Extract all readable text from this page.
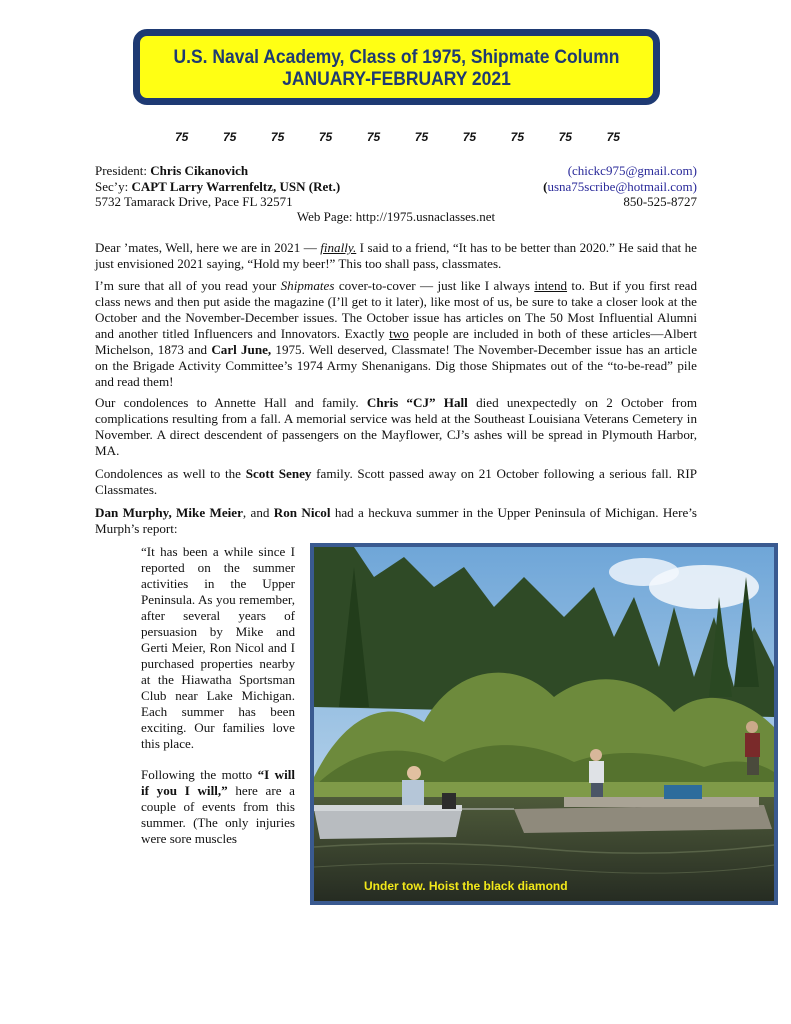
U.S. Naval Academy, Class of 1975, Shipmate Column
JANUARY-FEBRUARY 2021
75	75	75	75	75	75	75	75	75	75
President: Chris Cikanovich	(chickc975@gmail.com)
Sec’y: CAPT Larry Warrenfeltz, USN (Ret.)	(usna75scribe@hotmail.com)
5732 Tamarack Drive, Pace FL 32571	850-525-8727
Web Page: http://1975.usnaclasses.net

Dear ’mates, Well, here we are in 2021 — finally. I said to a friend, “It has to be better than 2020.” He said that he just envisioned 2021 saying, “Hold my beer!” This too shall pass, classmates.

I’m sure that all of you read your Shipmates cover-to-cover — just like I always intend to. But if you first read class news and then put aside the magazine (I’ll get to it later), like most of us, be sure to take a closer look at the October and the November-December issues. The October issue has articles on The 50 Most Influential Alumni and another titled Influencers and Innovators. Exactly two people are included in both of these articles—Albert Michelson, 1873 and Carl June, 1975. Well deserved, Classmate! The November-December issue has an article on the Brigade Activity Committee’s 1974 Army Shenanigans. Dig those Shipmates out of the “to-be-read” pile and read them!

Our condolences to Annette Hall and family. Chris “CJ” Hall died unexpectedly on 2 October from complications resulting from a fall. A memorial service was held at the Southeast Louisiana Veterans Cemetery in November. A direct descendent of passengers on the Mayflower, CJ’s ashes will be spread in Plymouth Harbor, MA.

Condolences as well to the Scott Seney family. Scott passed away on 21 October following a serious fall. RIP Classmates.

Dan Murphy, Mike Meier, and Ron Nicol had a heckuva summer in the Upper Peninsula of Michigan. Here’s Murph’s report:

“It has been a while since I reported on the summer activities in the Upper Peninsula. As you remember, after several years of persuasion by Mike and Gerti Meier, Ron Nicol and I purchased properties nearby at the Hiawatha Sportsman Club near Lake Michigan. Each summer has been exciting. Our families love this place.

Following the motto “I will if you I will,” here are a couple of events from this summer. (The only injuries were sore muscles

Under tow. Hoist the black diamond
